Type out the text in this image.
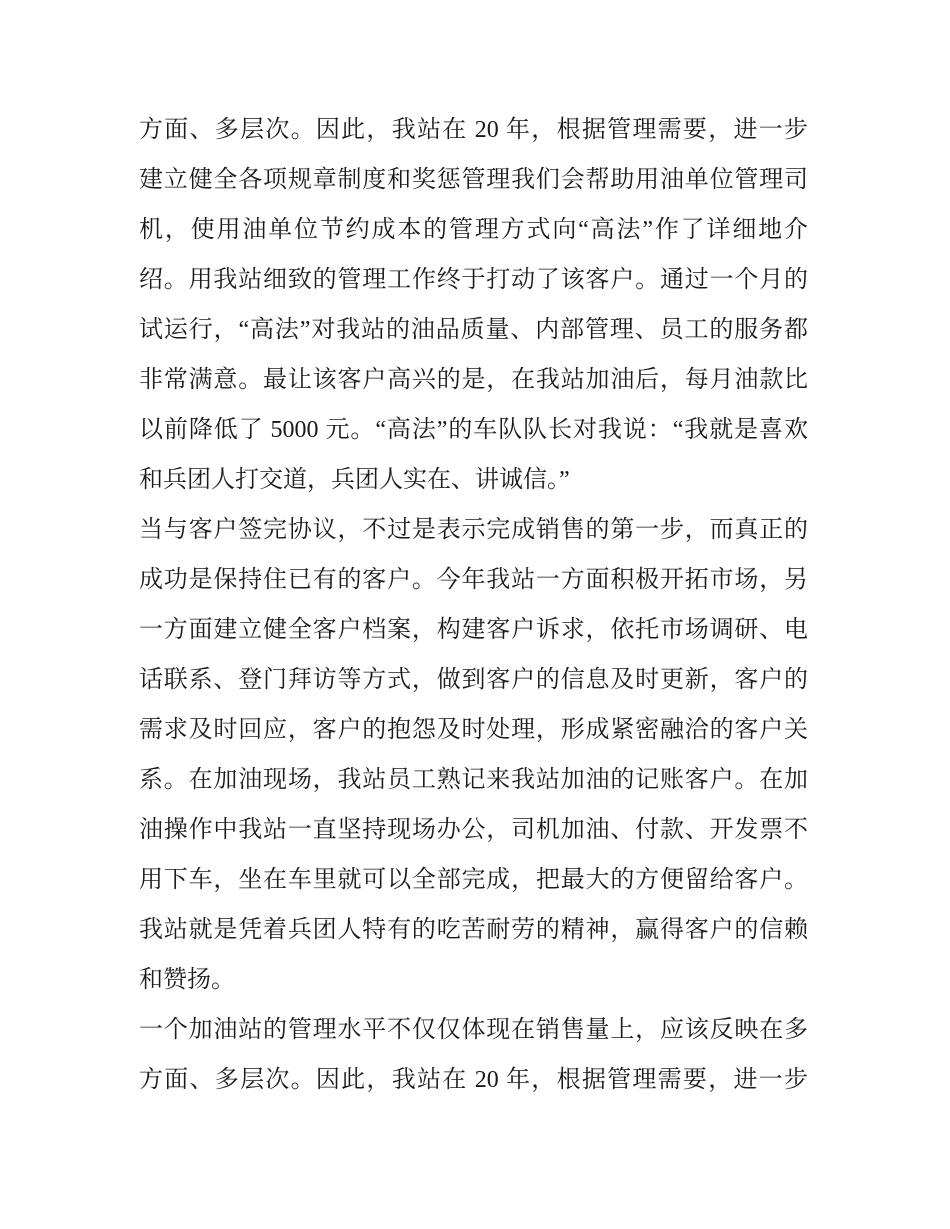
方面、多层次。因此，我站在 20 年，根据管理需要，进一步
建立健全各项规章制度和奖惩管理我们会帮助用油单位管理司
机，使用油单位节约成本的管理方式向“高法”作了详细地介
绍。用我站细致的管理工作终于打动了该客户。通过一个月的
试运行，“高法”对我站的油品质量、内部管理、员工的服务都
非常满意。最让该客户高兴的是，在我站加油后，每月油款比
以前降低了 5000 元。“高法”的车队队长对我说：“我就是喜欢
和兵团人打交道，兵团人实在、讲诚信。”
当与客户签完协议，不过是表示完成销售的第一步，而真正的
成功是保持住已有的客户。今年我站一方面积极开拓市场，另
一方面建立健全客户档案，构建客户诉求，依托市场调研、电
话联系、登门拜访等方式，做到客户的信息及时更新，客户的
需求及时回应，客户的抱怨及时处理，形成紧密融洽的客户关
系。在加油现场，我站员工熟记来我站加油的记账客户。在加
油操作中我站一直坚持现场办公，司机加油、付款、开发票不
用下车，坐在车里就可以全部完成，把最大的方便留给客户。
我站就是凭着兵团人特有的吃苦耐劳的精神，赢得客户的信赖
和赞扬。
一个加油站的管理水平不仅仅体现在销售量上，应该反映在多
方面、多层次。因此，我站在 20 年，根据管理需要，进一步
